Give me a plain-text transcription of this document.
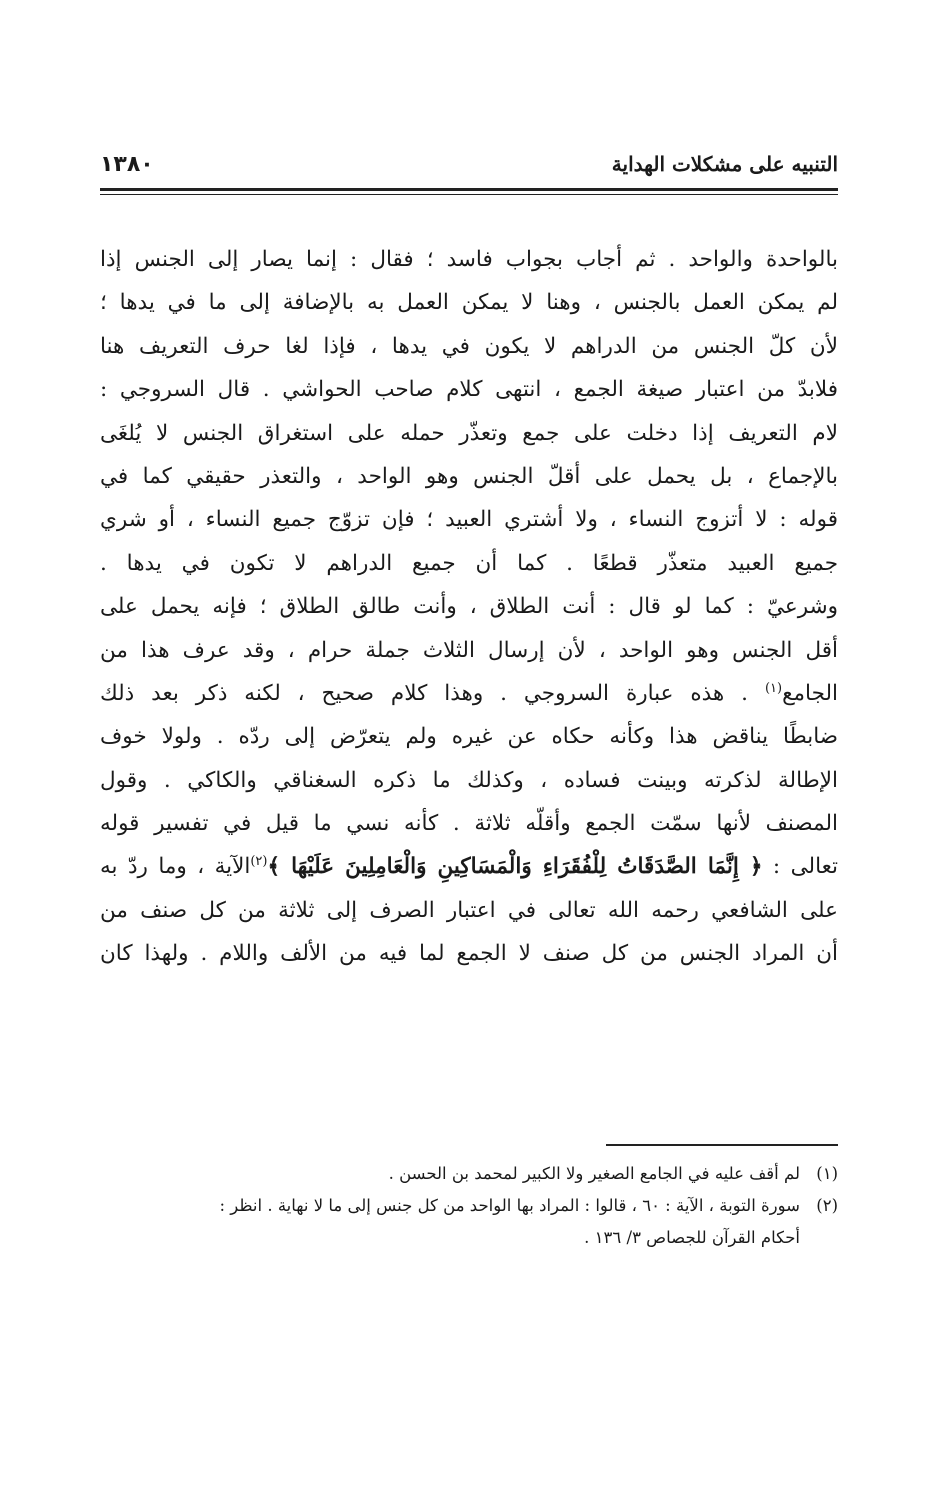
التنبيه على مشكلات الهداية
١٣٨٠
بالواحدة والواحد . ثم أجاب بجواب فاسد ؛ فقال : إنما يصار إلى الجنس إذا
لم يمكن العمل بالجنس ، وهنا لا يمكن العمل به بالإضافة إلى ما في يدها ؛
لأن كلّ الجنس من الدراهم لا يكون في يدها ، فإذا لغا حرف التعريف هنا
فلابدّ من اعتبار صيغة الجمع ، انتهى كلام صاحب الحواشي . قال السروجي :
لام التعريف إذا دخلت على جمع وتعذّر حمله على استغراق الجنس لا يُلغَى
بالإجماع ، بل يحمل على أقلّ الجنس وهو الواحد ، والتعذر حقيقي كما في
قوله : لا أتزوج النساء ، ولا أشتري العبيد ؛ فإن تزوّج جميع النساء ، أو شري
جميع العبيد متعذّر قطعًا . كما أن جميع الدراهم لا تكون في يدها .
وشرعيّ : كما لو قال : أنت الطلاق ، وأنت طالق الطلاق ؛ فإنه يحمل على
أقل الجنس وهو الواحد ، لأن إرسال الثلاث جملة حرام ، وقد عرف هذا من
الجامع$^{(١)}$ . هذه عبارة السروجي . وهذا كلام صحيح ، لكنه ذكر بعد ذلك
ضابطًا يناقض هذا وكأنه حكاه عن غيره ولم يتعرّض إلى ردّه . ولولا خوف
الإطالة لذكرته وبينت فساده ، وكذلك ما ذكره السغناقي والكاكي . وقول
المصنف لأنها سمّت الجمع وأقلّه ثلاثة . كأنه نسي ما قيل في تفسير قوله
تعالى : ﴿ إِنَّمَا الصَّدَقَاتُ لِلْفُقَرَاءِ وَالْمَسَاكِينِ وَالْعَامِلِينَ عَلَيْهَا ﴾$^{(٢)}$الآية ، وما ردّ به
على الشافعي رحمه الله تعالى في اعتبار الصرف إلى ثلاثة من كل صنف من
أن المراد الجنس من كل صنف لا الجمع لما فيه من الألف واللام . ولهذا كان
(١)لم أقف عليه في الجامع الصغير ولا الكبير لمحمد بن الحسن .
(٢)سورة التوبة ، الآية : ٦٠ ، قالوا : المراد بها الواحد من كل جنس إلى ما لا نهاية . انظر :
أحكام القرآن للجصاص ٣/ ١٣٦ .
